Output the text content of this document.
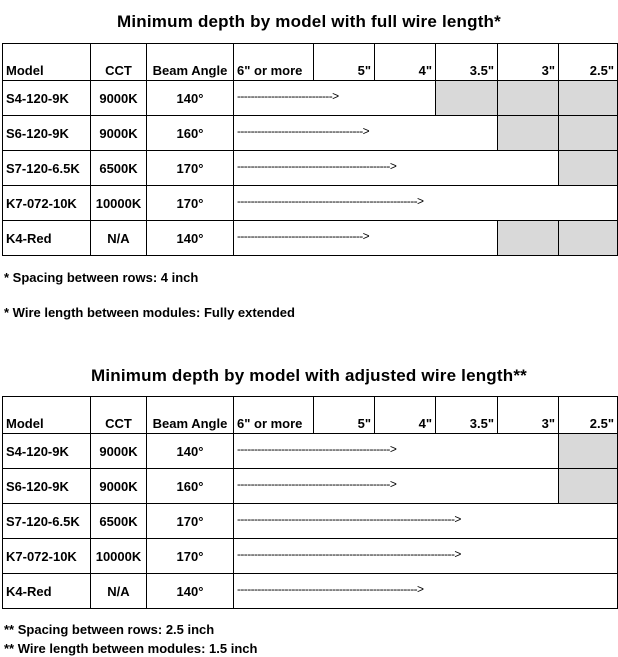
Minimum depth by model with full wire length*
Model	CCT	Beam Angle	6" or more	5"	4"	3.5"	3"	2.5"
S4-120-9K	9000K	140°	---------------------------->					

S6-120-9K	9000K	160°	------------------------------------->					

S7-120-6.5K	6500K	170°	--------------------------------------------->					

K7-072-10K	10000K	170°	----------------------------------------------------->					

K4-Red	N/A	140°	------------------------------------->					

* Spacing between rows: 4 inch
* Wire length between modules: Fully extended
Minimum depth by model with adjusted wire length**
Model	CCT	Beam Angle	6" or more	5"	4"	3.5"	3"	2.5"
S4-120-9K	9000K	140°	--------------------------------------------->					

S6-120-9K	9000K	160°	--------------------------------------------->					

S7-120-6.5K	6500K	170°	---------------------------------------------------------------->					

K7-072-10K	10000K	170°	---------------------------------------------------------------->					

K4-Red	N/A	140°	----------------------------------------------------->					
** Spacing between rows: 2.5 inch
** Wire length between modules: 1.5 inch
